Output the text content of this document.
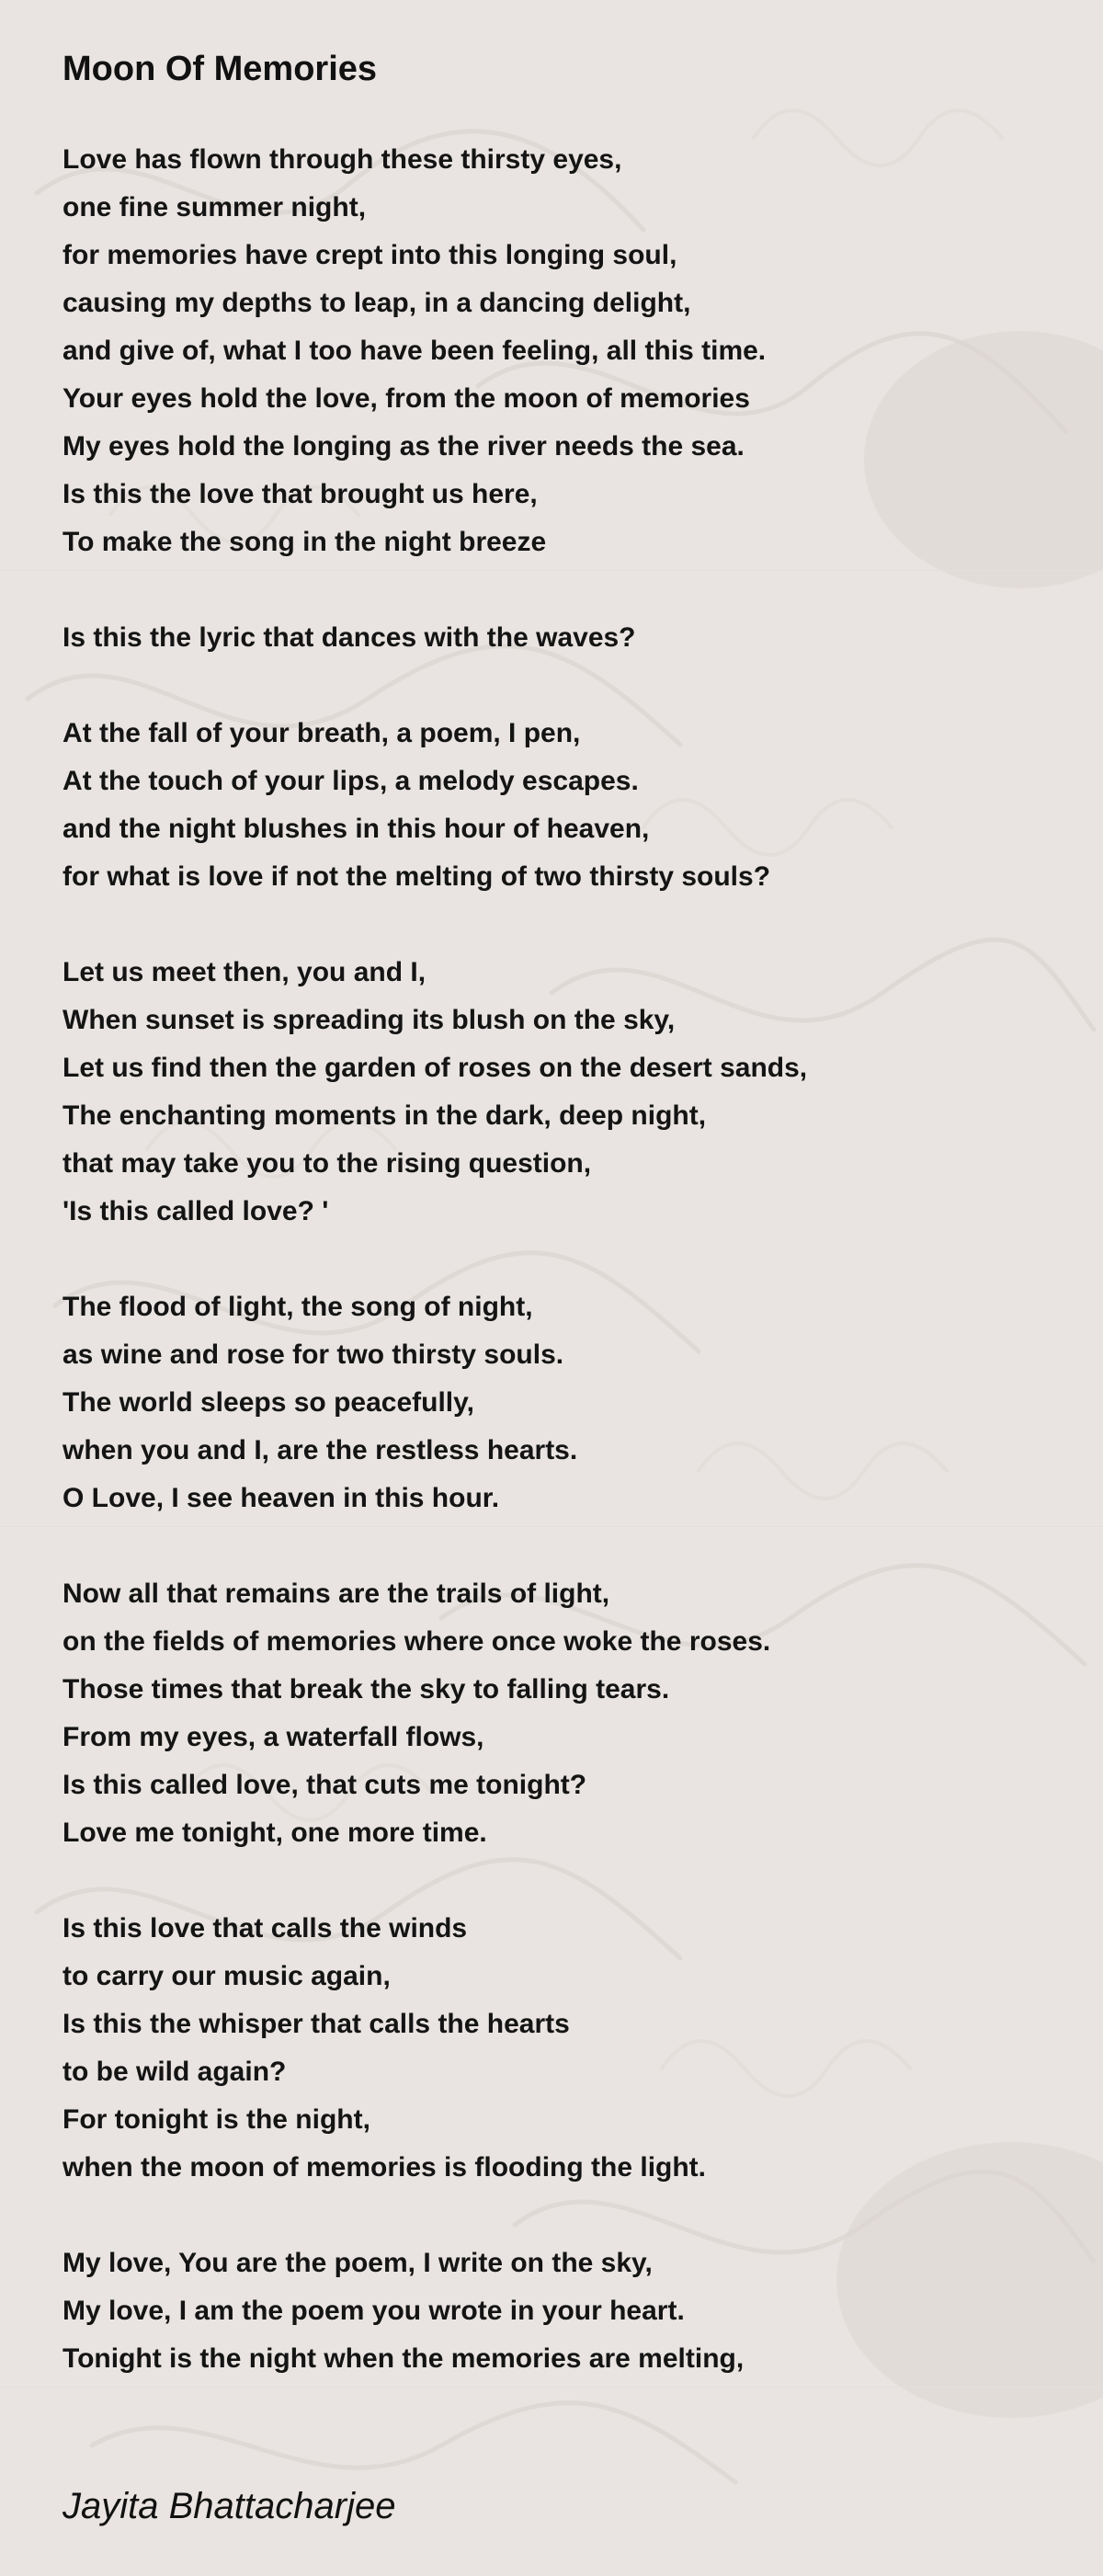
Moon Of Memories
Love has flown through these thirsty eyes,
one fine summer night,
for memories have crept into this longing soul,
causing my depths to leap, in a dancing delight,
and give of, what I too have been feeling, all this time.
Your eyes hold the love, from the moon of memories
My eyes hold the longing as the river needs the sea.
Is this the love that brought us here,
To make the song in the night breeze
Is this the lyric that dances with the waves?
At the fall of your breath, a poem, I pen,
At the touch of your lips, a melody escapes.
and the night blushes in this hour of heaven,
for what is love if not the melting of two thirsty souls?
Let us meet then, you and I,
When sunset is spreading its blush on the sky,
Let us find then the garden of roses on the desert sands,
The enchanting moments in the dark, deep night,
that may take you to the rising question,
'Is this called love? '
The flood of light, the song of night,
as wine and rose for two thirsty souls.
The world sleeps so peacefully,
when you and I, are the restless hearts.
O Love, I see heaven in this hour.
Now all that remains are the trails of light,
on the fields of memories where once woke the roses.
Those times that break the sky to falling tears.
From my eyes, a waterfall flows,
Is this called love, that cuts me tonight?
Love me tonight, one more time.
Is this love that calls the winds
to carry our music again,
Is this the whisper that calls the hearts
to be wild again?
For tonight is the night,
when the moon of memories is flooding the light.
My love, You are the poem, I write on the sky,
My love, I am the poem you wrote in your heart.
Tonight is the night when the memories are melting,

Jayita Bhattacharjee
